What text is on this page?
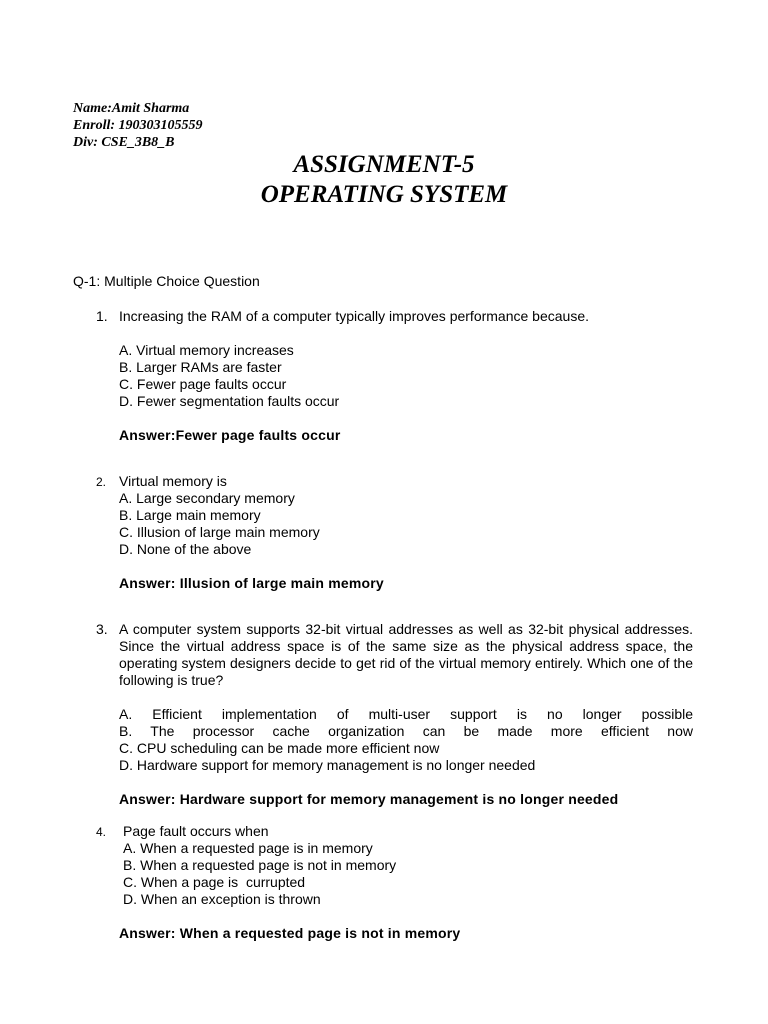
Name:Amit Sharma
Enroll: 190303105559
Div: CSE_3B8_B
ASSIGNMENT-5
OPERATING SYSTEM
Q-1: Multiple Choice Question
1. Increasing the RAM of a computer typically improves performance because.
A. Virtual memory increases
B. Larger RAMs are faster
C. Fewer page faults occur
D. Fewer segmentation faults occur
Answer:Fewer page faults occur
2. Virtual memory is
A. Large secondary memory
B. Large main memory
C. Illusion of large main memory
D. None of the above
Answer: Illusion of large main memory
3. A computer system supports 32-bit virtual addresses as well as 32-bit physical addresses. Since the virtual address space is of the same size as the physical address space, the operating system designers decide to get rid of the virtual memory entirely. Which one of the following is true?
A. Efficient implementation of multi-user support is no longer possible
B. The processor cache organization can be made more efficient now
C. CPU scheduling can be made more efficient now
D. Hardware support for memory management is no longer needed
Answer: Hardware support for memory management is no longer needed
4. Page fault occurs when
A. When a requested page is in memory
B. When a requested page is not in memory
C. When a page is  currupted
D. When an exception is thrown
Answer: When a requested page is not in memory
